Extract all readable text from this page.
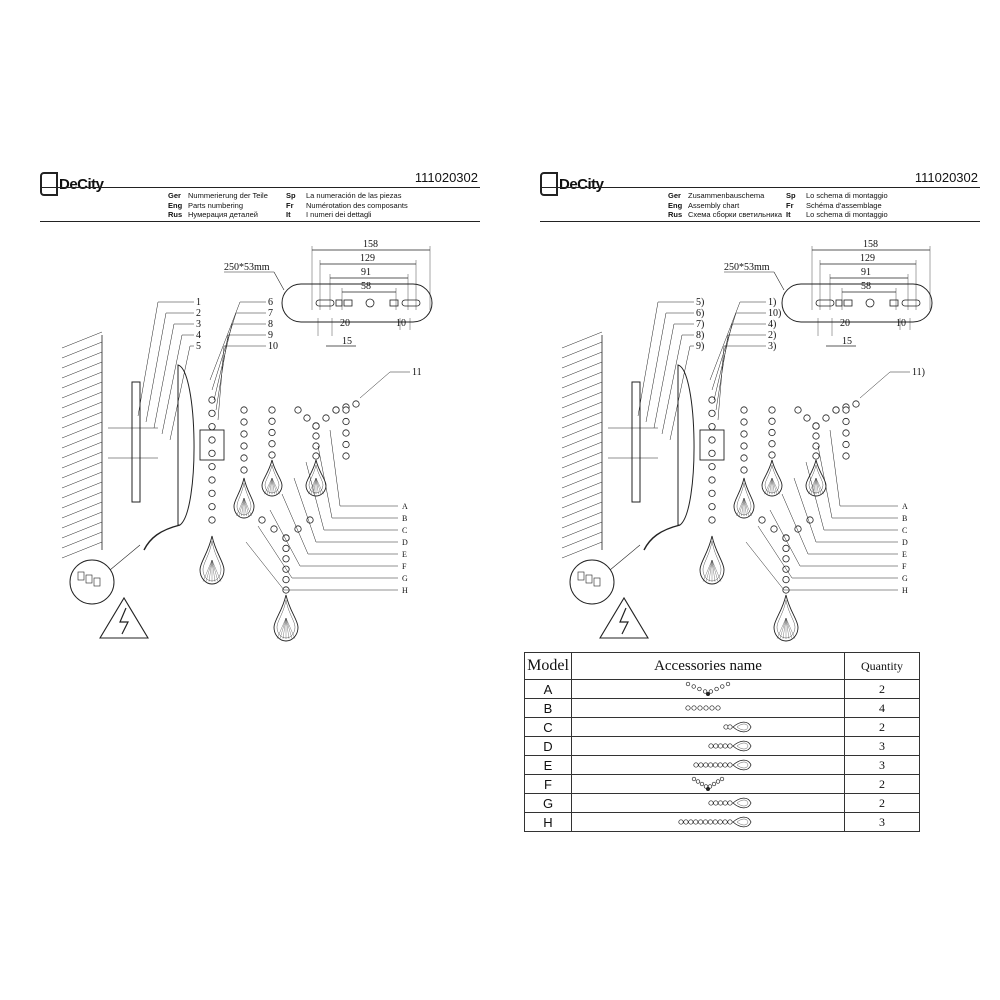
DeCity	111020302
Ger Nummerierung der Teile
Eng Parts numbering
Rus Нумерация деталей
Sp La numeración de las piezas
Fr Numérotation des composants
It I numeri dei dettagli
158
129
91
58
20	10
15
250*53mm
1
2
3
4
5
6
7
8
9
10
11
A
B
C
D
E
F
G
H
DeCity	111020302
Ger Zusammenbauschema
Eng Assembly chart
Rus Схема сборки светильника
Sp Lo schema di montaggio
Fr Schéma d'assemblage
It Lo schema di montaggio
158
129
91
58
20	10
15
250*53mm
5)
6)
7)
8)
9)
1)
10)
4)
2)
3)
11)
A
B
C
D
E
F
G
H
Model	Accessories name	Quantity
A		2
B		4
C		2
D		3
E		3
F		2
G		2
H		3
